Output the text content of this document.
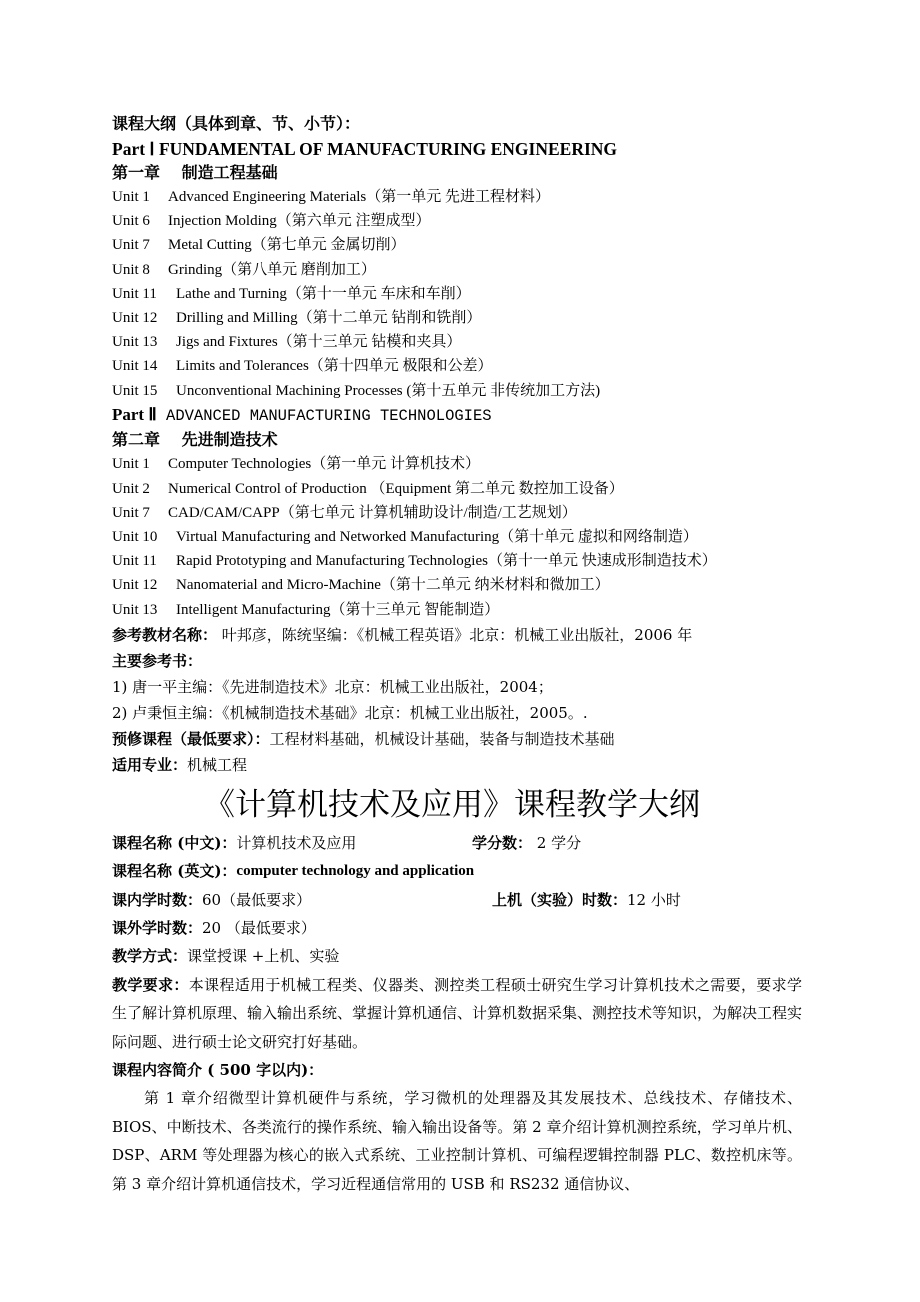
课程大纲（具体到章、节、小节）：
Part Ⅰ FUNDAMENTAL OF MANUFACTURING ENGINEERING
第一章　 制造工程基础
Unit 1	Advanced Engineering Materials（第一单元 先进工程材料）
Unit 6	Injection Molding（第六单元 注塑成型）
Unit 7	Metal Cutting（第七单元 金属切削）
Unit 8	Grinding（第八单元 磨削加工）
Unit 11	Lathe and Turning（第十一单元 车床和车削）
Unit 12	Drilling and Milling（第十二单元 钻削和铣削）
Unit 13	Jigs and Fixtures（第十三单元 钻模和夹具）
Unit 14	Limits and Tolerances（第十四单元 极限和公差）
Unit 15	Unconventional Machining Processes (第十五单元 非传统加工方法)
Part Ⅱ ADVANCED MANUFACTURING TECHNOLOGIES
第二章　 先进制造技术
Unit 1	Computer Technologies（第一单元 计算机技术）
Unit 2	Numerical Control of Production （Equipment 第二单元 数控加工设备）
Unit 7	CAD/CAM/CAPP（第七单元 计算机辅助设计/制造/工艺规划）
Unit 10	Virtual Manufacturing and Networked Manufacturing（第十单元 虚拟和网络制造）
Unit 11	Rapid Prototyping and Manufacturing Technologies（第十一单元 快速成形制造技术）
Unit 12	Nanomaterial and Micro-Machine（第十二单元 纳米材料和微加工）
Unit 13	Intelligent Manufacturing（第十三单元 智能制造）
参考教材名称： 叶邦彦，陈统坚编：《机械工程英语》北京：机械工业出版社，2006 年
主要参考书：
1) 唐一平主编：《先进制造技术》北京：机械工业出版社，2004；
2) 卢秉恒主编：《机械制造技术基础》北京：机械工业出版社，2005。.
预修课程（最低要求）：工程材料基础，机械设计基础，装备与制造技术基础
适用专业：机械工程
《计算机技术及应用》课程教学大纲
课程名称 (中文)：计算机技术及应用	学分数： 2 学分
课程名称 (英文)： computer technology and application
课内学时数：60（最低要求）	上机（实验）时数：12 小时
课外学时数： 20 （最低要求）
教学方式： 课堂授课 +上机、实验
教学要求：本课程适用于机械工程类、仪器类、测控类工程硕士研究生学习计算机技术之需要，要求学生了解计算机原理、输入输出系统、掌握计算机通信、计算机数据采集、测控技术等知识，为解决工程实际问题、进行硕士论文研究打好基础。
课程内容简介 ( 500 字以内)：
第 1 章介绍微型计算机硬件与系统，学习微机的处理器及其发展技术、总线技术、存储技术、BIOS、中断技术、各类流行的操作系统、输入输出设备等。第 2 章介绍计算机测控系统，学习单片机、DSP、ARM 等处理器为核心的嵌入式系统、工业控制计算机、可编程逻辑控制器 PLC、数控机床等。第 3 章介绍计算机通信技术，学习近程通信常用的 USB 和 RS232 通信协议、
